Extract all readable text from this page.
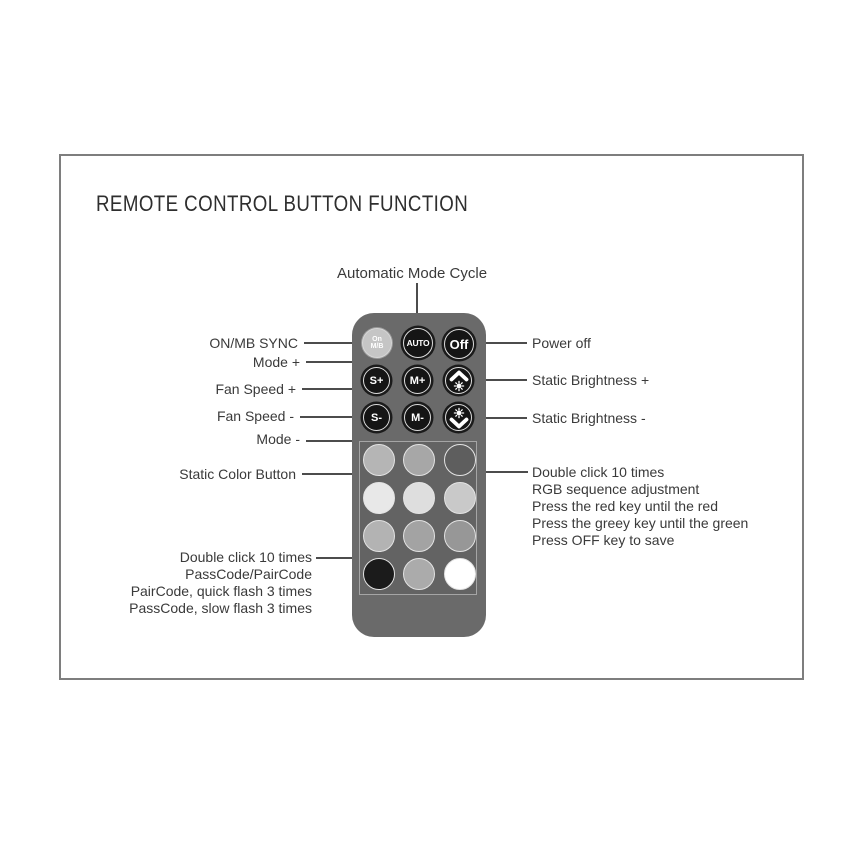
REMOTE CONTROL BUTTON FUNCTION
Automatic Mode Cycle
ON/MB SYNC
Mode +
Fan Speed +
Fan Speed -
Mode -
Static Color Button
Double click 10 times
PassCode/PairCode
PairCode, quick flash 3 times
PassCode, slow flash 3 times
Power off
Static Brightness +
Static Brightness -
Double click 10 times
RGB sequence adjustment
Press the red key until the red
Press the greey key until the green
Press OFF key to save
On M/B	AUTO Off
S+ M+
S-	M-
